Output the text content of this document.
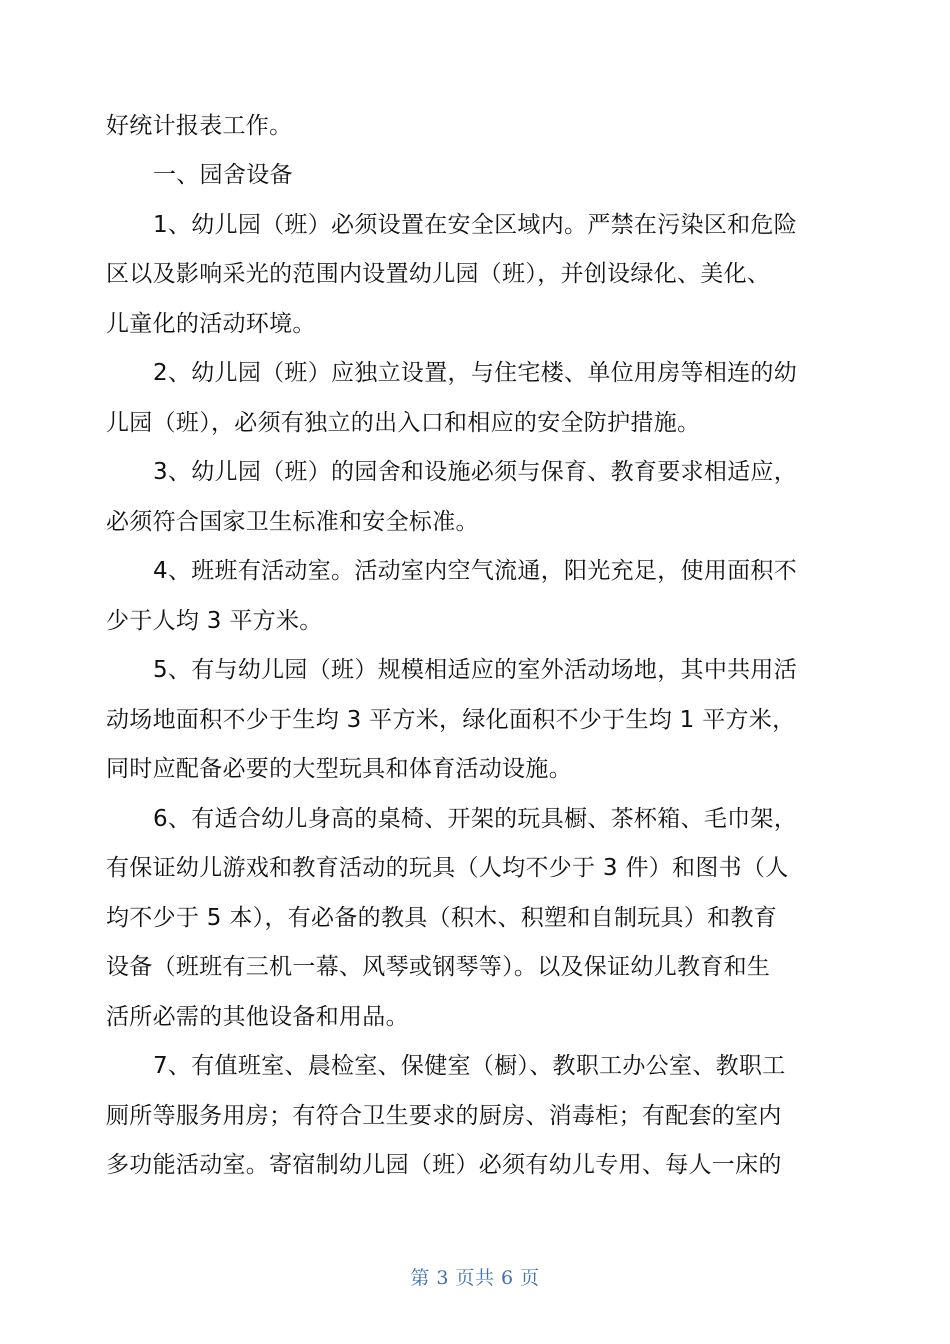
好统计报表工作。
一、园舍设备
1、幼儿园（班）必须设置在安全区域内。严禁在污染区和危险
区以及影响采光的范围内设置幼儿园（班），并创设绿化、美化、
儿童化的活动环境。
2、幼儿园（班）应独立设置，与住宅楼、单位用房等相连的幼
儿园（班），必须有独立的出入口和相应的安全防护措施。
3、幼儿园（班）的园舍和设施必须与保育、教育要求相适应，
必须符合国家卫生标准和安全标准。
4、班班有活动室。活动室内空气流通，阳光充足，使用面积不
少于人均 3 平方米。
5、有与幼儿园（班）规模相适应的室外活动场地，其中共用活
动场地面积不少于生均 3 平方米，绿化面积不少于生均 1 平方米，
同时应配备必要的大型玩具和体育活动设施。
6、有适合幼儿身高的桌椅、开架的玩具橱、茶杯箱、毛巾架，
有保证幼儿游戏和教育活动的玩具（人均不少于 3 件）和图书（人
均不少于 5 本），有必备的教具（积木、积塑和自制玩具）和教育
设备（班班有三机一幕、风琴或钢琴等）。以及保证幼儿教育和生
活所必需的其他设备和用品。
7、有值班室、晨检室、保健室（橱）、教职工办公室、教职工
厕所等服务用房；有符合卫生要求的厨房、消毒柜；有配套的室内
多功能活动室。寄宿制幼儿园（班）必须有幼儿专用、每人一床的
第 3 页共 6 页
